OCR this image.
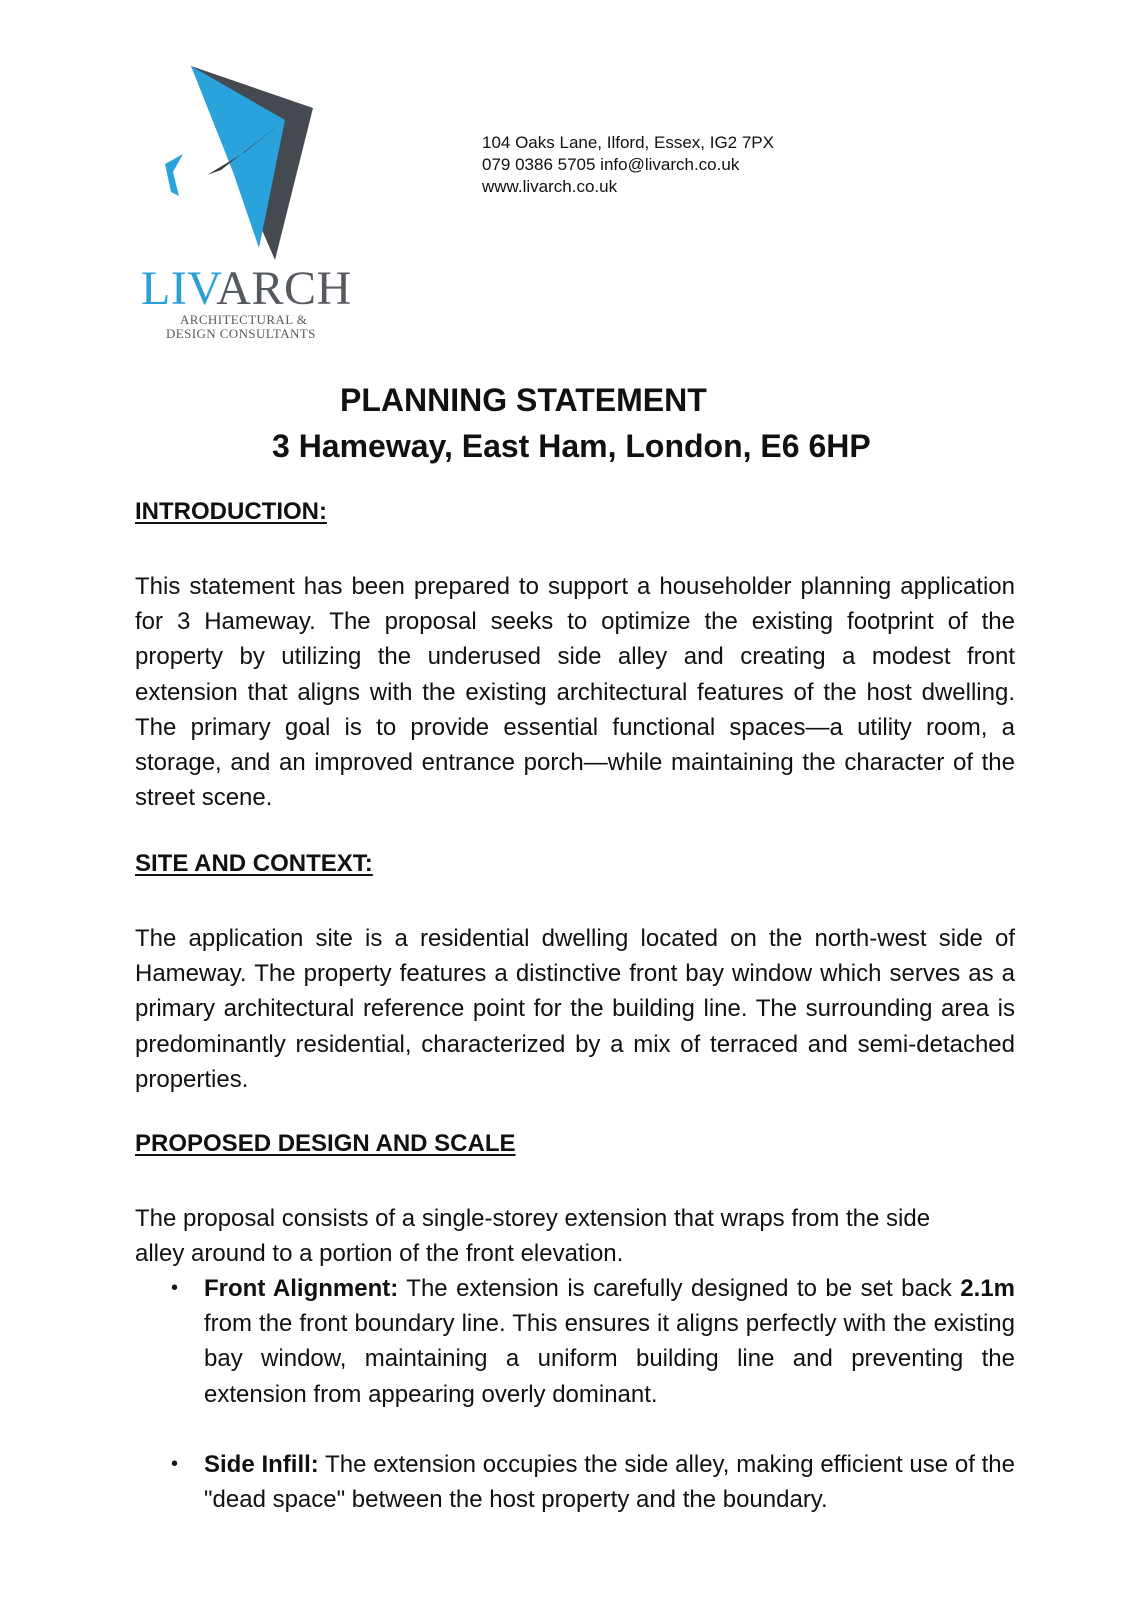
LIVARCH
ARCHITECTURAL &
DESIGN CONSULTANTS
104 Oaks Lane, Ilford, Essex, IG2 7PX
079 0386 5705 info@livarch.co.uk
www.livarch.co.uk
PLANNING STATEMENT
3 Hameway, East Ham, London, E6 6HP
INTRODUCTION:

This statement has been prepared to support a householder planning application for 3 Hameway. The proposal seeks to optimize the existing footprint of the property by utilizing the underused side alley and creating a modest front extension that aligns with the existing architectural features of the host dwelling. The primary goal is to provide essential functional spaces—a utility room, a storage, and an improved entrance porch—while maintaining the character of the street scene.

SITE AND CONTEXT:

The application site is a residential dwelling located on the north-west side of Hameway. The property features a distinctive front bay window which serves as a primary architectural reference point for the building line. The surrounding area is predominantly residential, characterized by a mix of terraced and semi-detached properties.

PROPOSED DESIGN AND SCALE

The proposal consists of a single-storey extension that wraps from the side alley around to a portion of the front elevation.

• Front Alignment: The extension is carefully designed to be set back 2.1m from the front boundary line. This ensures it aligns perfectly with the existing bay window, maintaining a uniform building line and preventing the extension from appearing overly dominant.
• Side Infill: The extension occupies the side alley, making efficient use of the "dead space" between the host property and the boundary.
